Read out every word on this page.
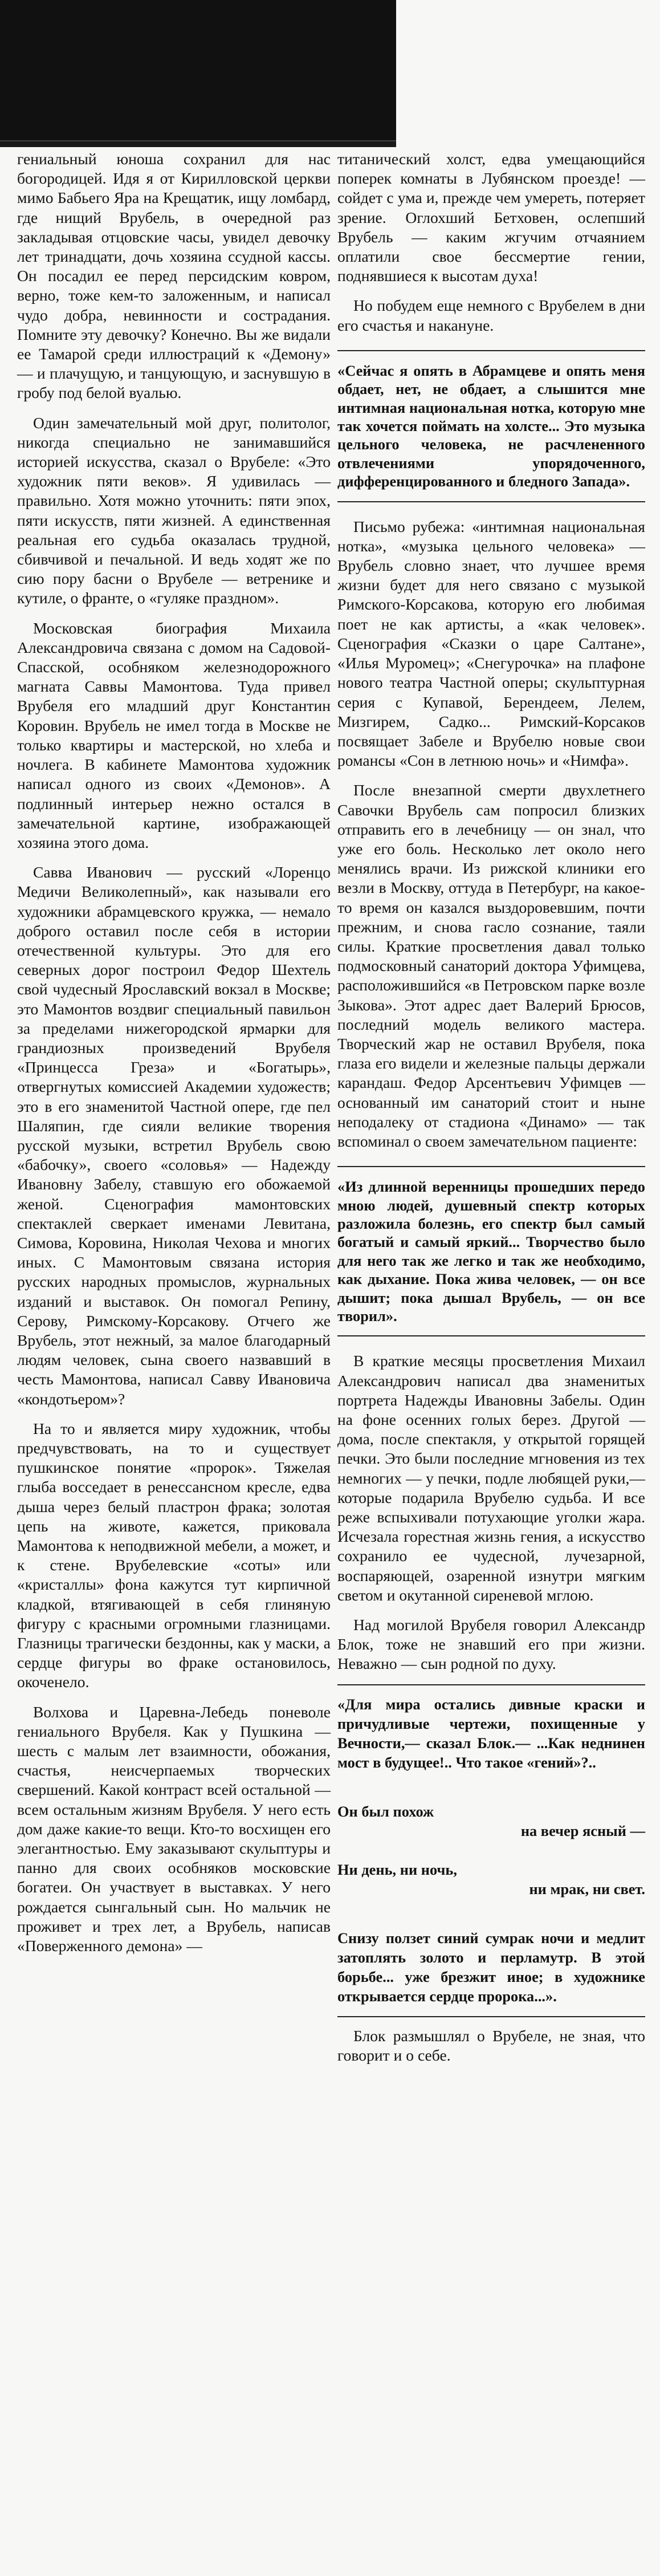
гениальный юноша сохранил для нас богородицей. Идя я от Кирилловской церкви мимо Бабьего Яра на Крещатик, ищу ломбард, где нищий Врубель, в очередной раз закладывая отцовские часы, увидел девочку лет тринадцати, дочь хозяина ссудной кассы. Он посадил ее перед персидским ковром, верно, тоже кем-то заложенным, и написал чудо добра, невинности и сострадания. Помните эту девочку? Конечно. Вы же видали ее Тамарой среди иллюстраций к «Демону» — и плачущую, и танцующую, и заснувшую в гробу под белой вуалью.

Один замечательный мой друг, политолог, никогда специально не занимавшийся историей искусства, сказал о Врубеле: «Это художник пяти веков». Я удивилась — правильно. Хотя можно уточнить: пяти эпох, пяти искусств, пяти жизней. А единственная реальная его судьба оказалась трудной, сбивчивой и печальной. И ведь ходят же по сию пору басни о Врубеле — ветренике и кутиле, о франте, о «гуляке праздном».

Московская биография Михаила Александровича связана с домом на Садовой-Спасской, особняком железнодорожного магната Саввы Мамонтова. Туда привел Врубеля его младший друг Константин Коровин. Врубель не имел тогда в Москве не только квартиры и мастерской, но хлеба и ночлега. В кабинете Мамонтова художник написал одного из своих «Демонов». А подлинный интерьер нежно остался в замечательной картине, изображающей хозяина этого дома.

Савва Иванович — русский «Лоренцо Медичи Великолепный», как называли его художники абрамцевского кружка, — немало доброго оставил после себя в истории отечественной культуры. Это для его северных дорог построил Федор Шехтель свой чудесный Ярославский вокзал в Москве; это Мамонтов воздвиг специальный павильон за пределами нижегородской ярмарки для грандиозных произведений Врубеля «Принцесса Греза» и «Богатырь», отвергнутых комиссией Академии художеств; это в его знаменитой Частной опере, где пел Шаляпин, где сияли великие творения русской музыки, встретил Врубель свою «бабочку», своего «соловья» — Надежду Ивановну Забелу, ставшую его обожаемой женой. Сценография мамонтовских спектаклей сверкает именами Левитана, Симова, Коровина, Николая Чехова и многих иных. С Мамонтовым связана история русских народных промыслов, журнальных изданий и выставок. Он помогал Репину, Серову, Римскому-Корсакову. Отчего же Врубель, этот нежный, за малое благодарный людям человек, сына своего назвавший в честь Мамонтова, написал Савву Ивановича «кондотьером»?

На то и является миру художник, чтобы предчувствовать, на то и существует пушкинское понятие «пророк». Тяжелая глыба восседает в ренессансном кресле, едва дыша через белый пластрон фрака; золотая цепь на животе, кажется, приковала Мамонтова к неподвижной мебели, а может, и к стене. Врубелевские «соты» или «кристаллы» фона кажутся тут кирпичной кладкой, втягивающей в себя глиняную фигуру с красными огромными глазницами. Глазницы трагически бездонны, как у маски, а сердце фигуры во фраке остановилось, окоченело.

Волхова и Царевна-Лебедь поневоле гениального Врубеля. Как у Пушкина — шесть с малым лет взаимности, обожания, счастья, неисчерпаемых творческих свершений. Какой контраст всей остальной — всем остальным жизням Врубеля. У него есть дом даже какие-то вещи. Кто-то восхищен его элегантностью. Ему заказывают скульптуры и панно для своих особняков московские богатеи. Он участвует в выставках. У него рождается сынгальный сын. Но мальчик не проживет и трех лет, а Врубель, написав «Поверженного демона» —

титанический холст, едва умещающийся поперек комнаты в Лубянском проезде! — сойдет с ума и, прежде чем умереть, потеряет зрение. Оглохший Бетховен, ослепший Врубель — каким жгучим отчаянием оплатили свое бессмертие гении, поднявшиеся к высотам духа!

Но побудем еще немного с Врубелем в дни его счастья и накануне.

«Сейчас я опять в Абрамцеве и опять меня обдает, нет, не обдает, а слышится мне интимная национальная нотка, которую мне так хочется поймать на холсте... Это музыка цельного человека, не расчлененного отвлечениями упорядоченного, дифференцированного и бледного Запада».

Письмо рубежа: «интимная национальная нотка», «музыка цельного человека» — Врубель словно знает, что лучшее время жизни будет для него связано с музыкой Римского-Корсакова, которую его любимая поет не как артисты, а «как человек». Сценография «Сказки о царе Салтане», «Илья Муромец»; «Снегурочка» на плафоне нового театра Частной оперы; скульптурная серия с Купавой, Берендеем, Лелем, Мизгирем, Садко... Римский-Корсаков посвящает Забеле и Врубелю новые свои романсы «Сон в летнюю ночь» и «Нимфа».

После внезапной смерти двухлетнего Савочки Врубель сам попросил близких отправить его в лечебницу — он знал, что уже его боль. Несколько лет около него менялись врачи. Из рижской клиники его везли в Москву, оттуда в Петербург, на какое-то время он казался выздоровевшим, почти прежним, и снова гасло сознание, таяли силы. Краткие просветления давал только подмосковный санаторий доктора Уфимцева, расположившийся «в Петровском парке возле Зыкова». Этот адрес дает Валерий Брюсов, последний модель великого мастера. Творческий жар не оставил Врубеля, пока глаза его видели и железные пальцы держали карандаш. Федор Арсентьевич Уфимцев — основанный им санаторий стоит и ныне неподалеку от стадиона «Динамо» — так вспоминал о своем замечательном пациенте:

«Из длинной веренницы прошедших передо мною людей, душевный спектр которых разложила болезнь, его спектр был самый богатый и самый яркий... Творчество было для него так же легко и так же необходимо, как дыхание. Пока жива человек, — он все дышит; пока дышал Врубель, — он все творил».

В краткие месяцы просветления Михаил Александрович написал два знаменитых портрета Надежды Ивановны Забелы. Один на фоне осенних голых берез. Другой — дома, после спектакля, у открытой горящей печки. Это были последние мгновения из тех немногих — у печки, подле любящей руки,—которые подарила Врубелю судьба. И все реже вспыхивали потухающие уголки жара. Исчезала горестная жизнь гения, а искусство сохранило ее чудесной, лучезарной, воспаряющей, озаренной изнутри мягким светом и окутанной сиреневой мглою.

Над могилой Врубеля говорил Александр Блок, тоже не знавший его при жизни. Неважно — сын родной по духу.

«Для мира остались дивные краски и причудливые чертежи, похищенные у Вечности,— сказал Блок.— ...Как неднинен мост в будущее!.. Что такое «гений»?..

Он был похож

на вечер ясный —

Ни день, ни ночь,

ни мрак, ни свет.

Снизу ползет синий сумрак ночи и медлит затоплять золото и перламутр. В этой борьбе... уже брезжит иное; в художнике открывается сердце пророка...».

Блок размышлял о Врубеле, не зная, что говорит и о себе.
